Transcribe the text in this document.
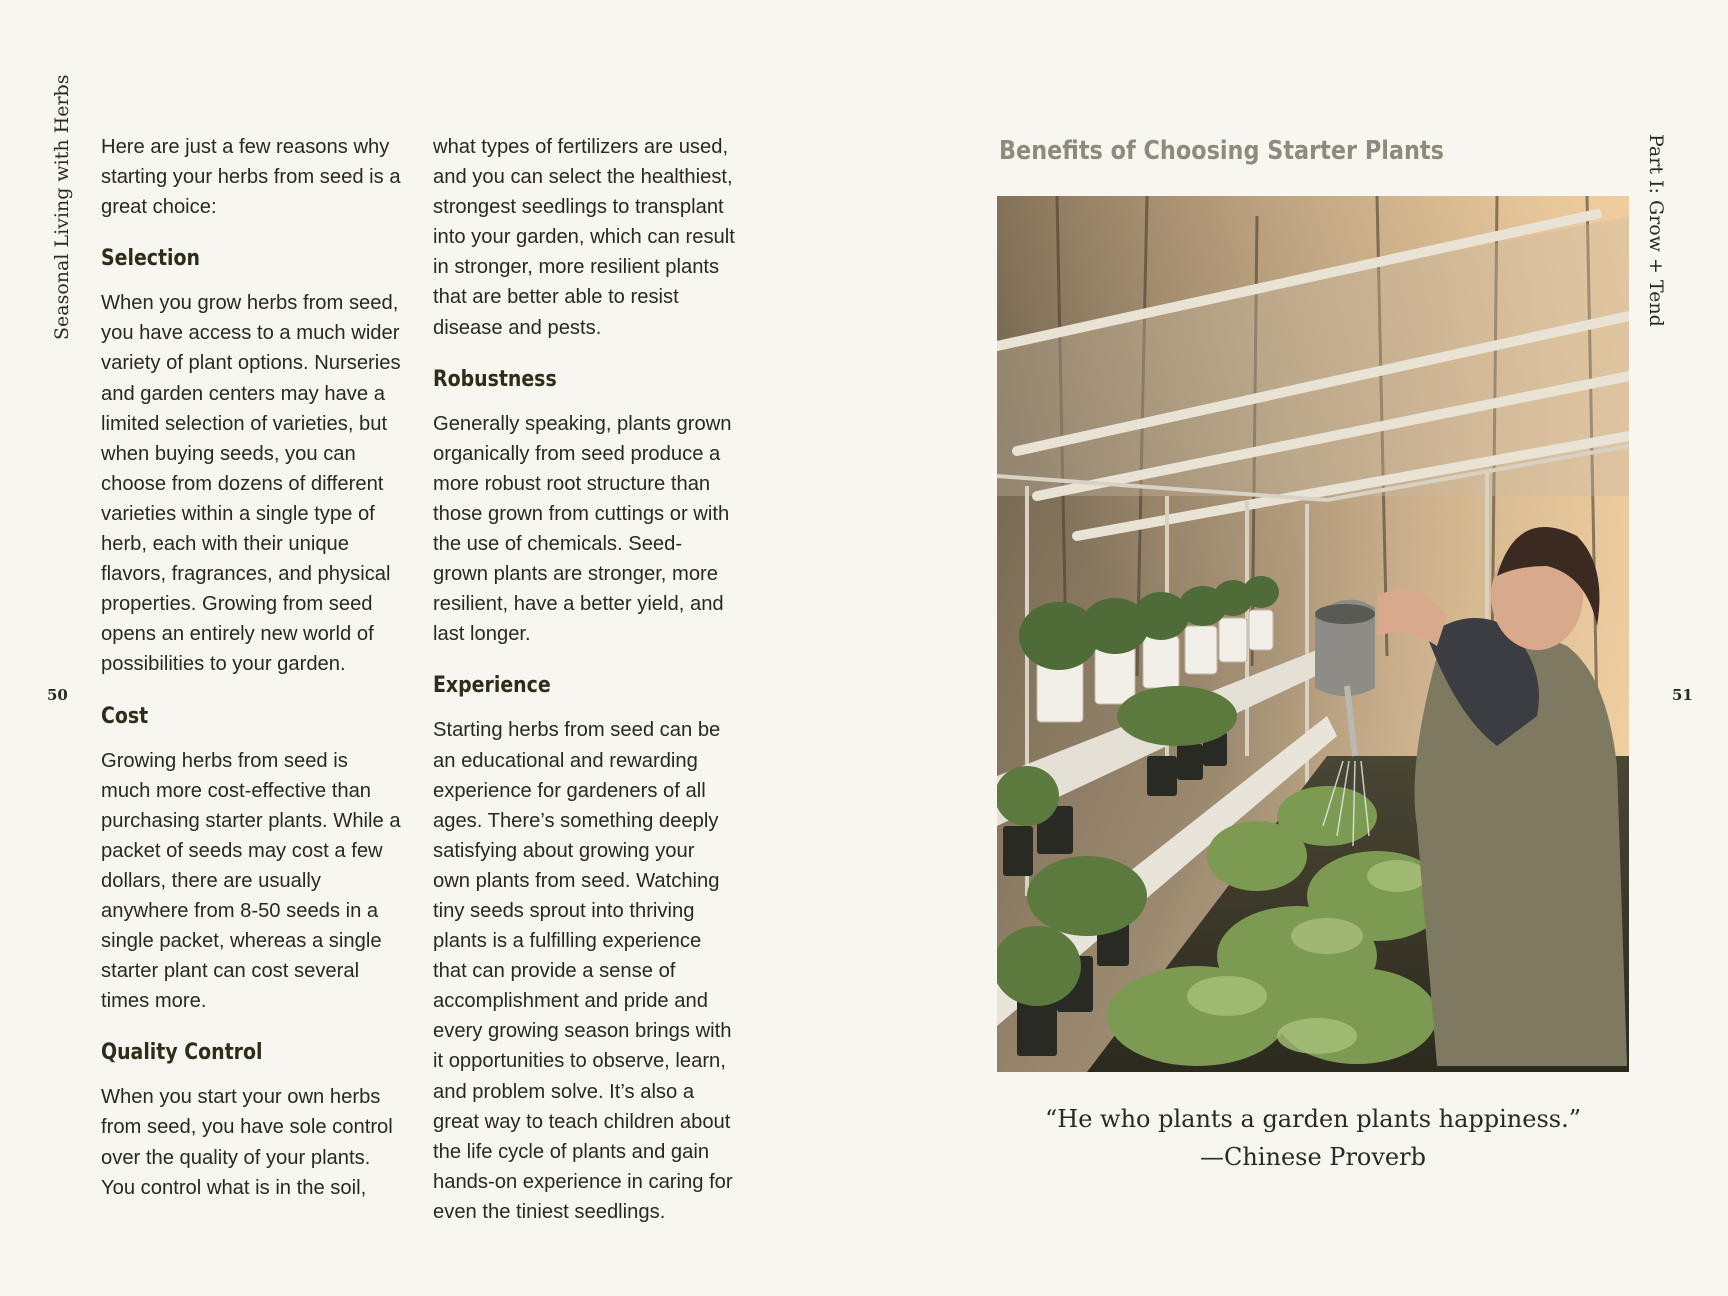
Seasonal Living with Herbs
50

Here are just a few reasons why starting your herbs from seed is a great choice:

Selection

When you grow herbs from seed, you have access to a much wider variety of plant options. Nurseries and garden centers may have a limited selection of varieties, but when buying seeds, you can choose from dozens of different varieties within a single type of herb, each with their unique flavors, fragrances, and physical properties. Growing from seed opens an entirely new world of possibilities to your garden.

Cost

Growing herbs from seed is much more cost-effective than purchasing starter plants. While a packet of seeds may cost a few dollars, there are usually anywhere from 8-50 seeds in a single packet, whereas a single starter plant can cost several times more.

Quality Control

When you start your own herbs from seed, you have sole control over the quality of your plants. You control what is in the soil,

what types of fertilizers are used, and you can select the healthiest, strongest seedlings to transplant into your garden, which can result in stronger, more resilient plants that are better able to resist disease and pests.

Robustness

Generally speaking, plants grown organically from seed produce a more robust root structure than those grown from cuttings or with the use of chemicals. Seed-grown plants are stronger, more resilient, have a better yield, and last longer.

Experience

Starting herbs from seed can be an educational and rewarding experience for gardeners of all ages. There’s something deeply satisfying about growing your own plants from seed. Watching tiny seeds sprout into thriving plants is a fulfilling experience that can provide a sense of accomplishment and pride and every growing season brings with it opportunities to observe, learn, and problem solve. It’s also a great way to teach children about the life cycle of plants and gain hands-on experience in caring for even the tiniest seedlings.

Part I: Grow + Tend
51
Benefits of Choosing Starter Plants
“He who plants a garden plants happiness.”
—Chinese Proverb
